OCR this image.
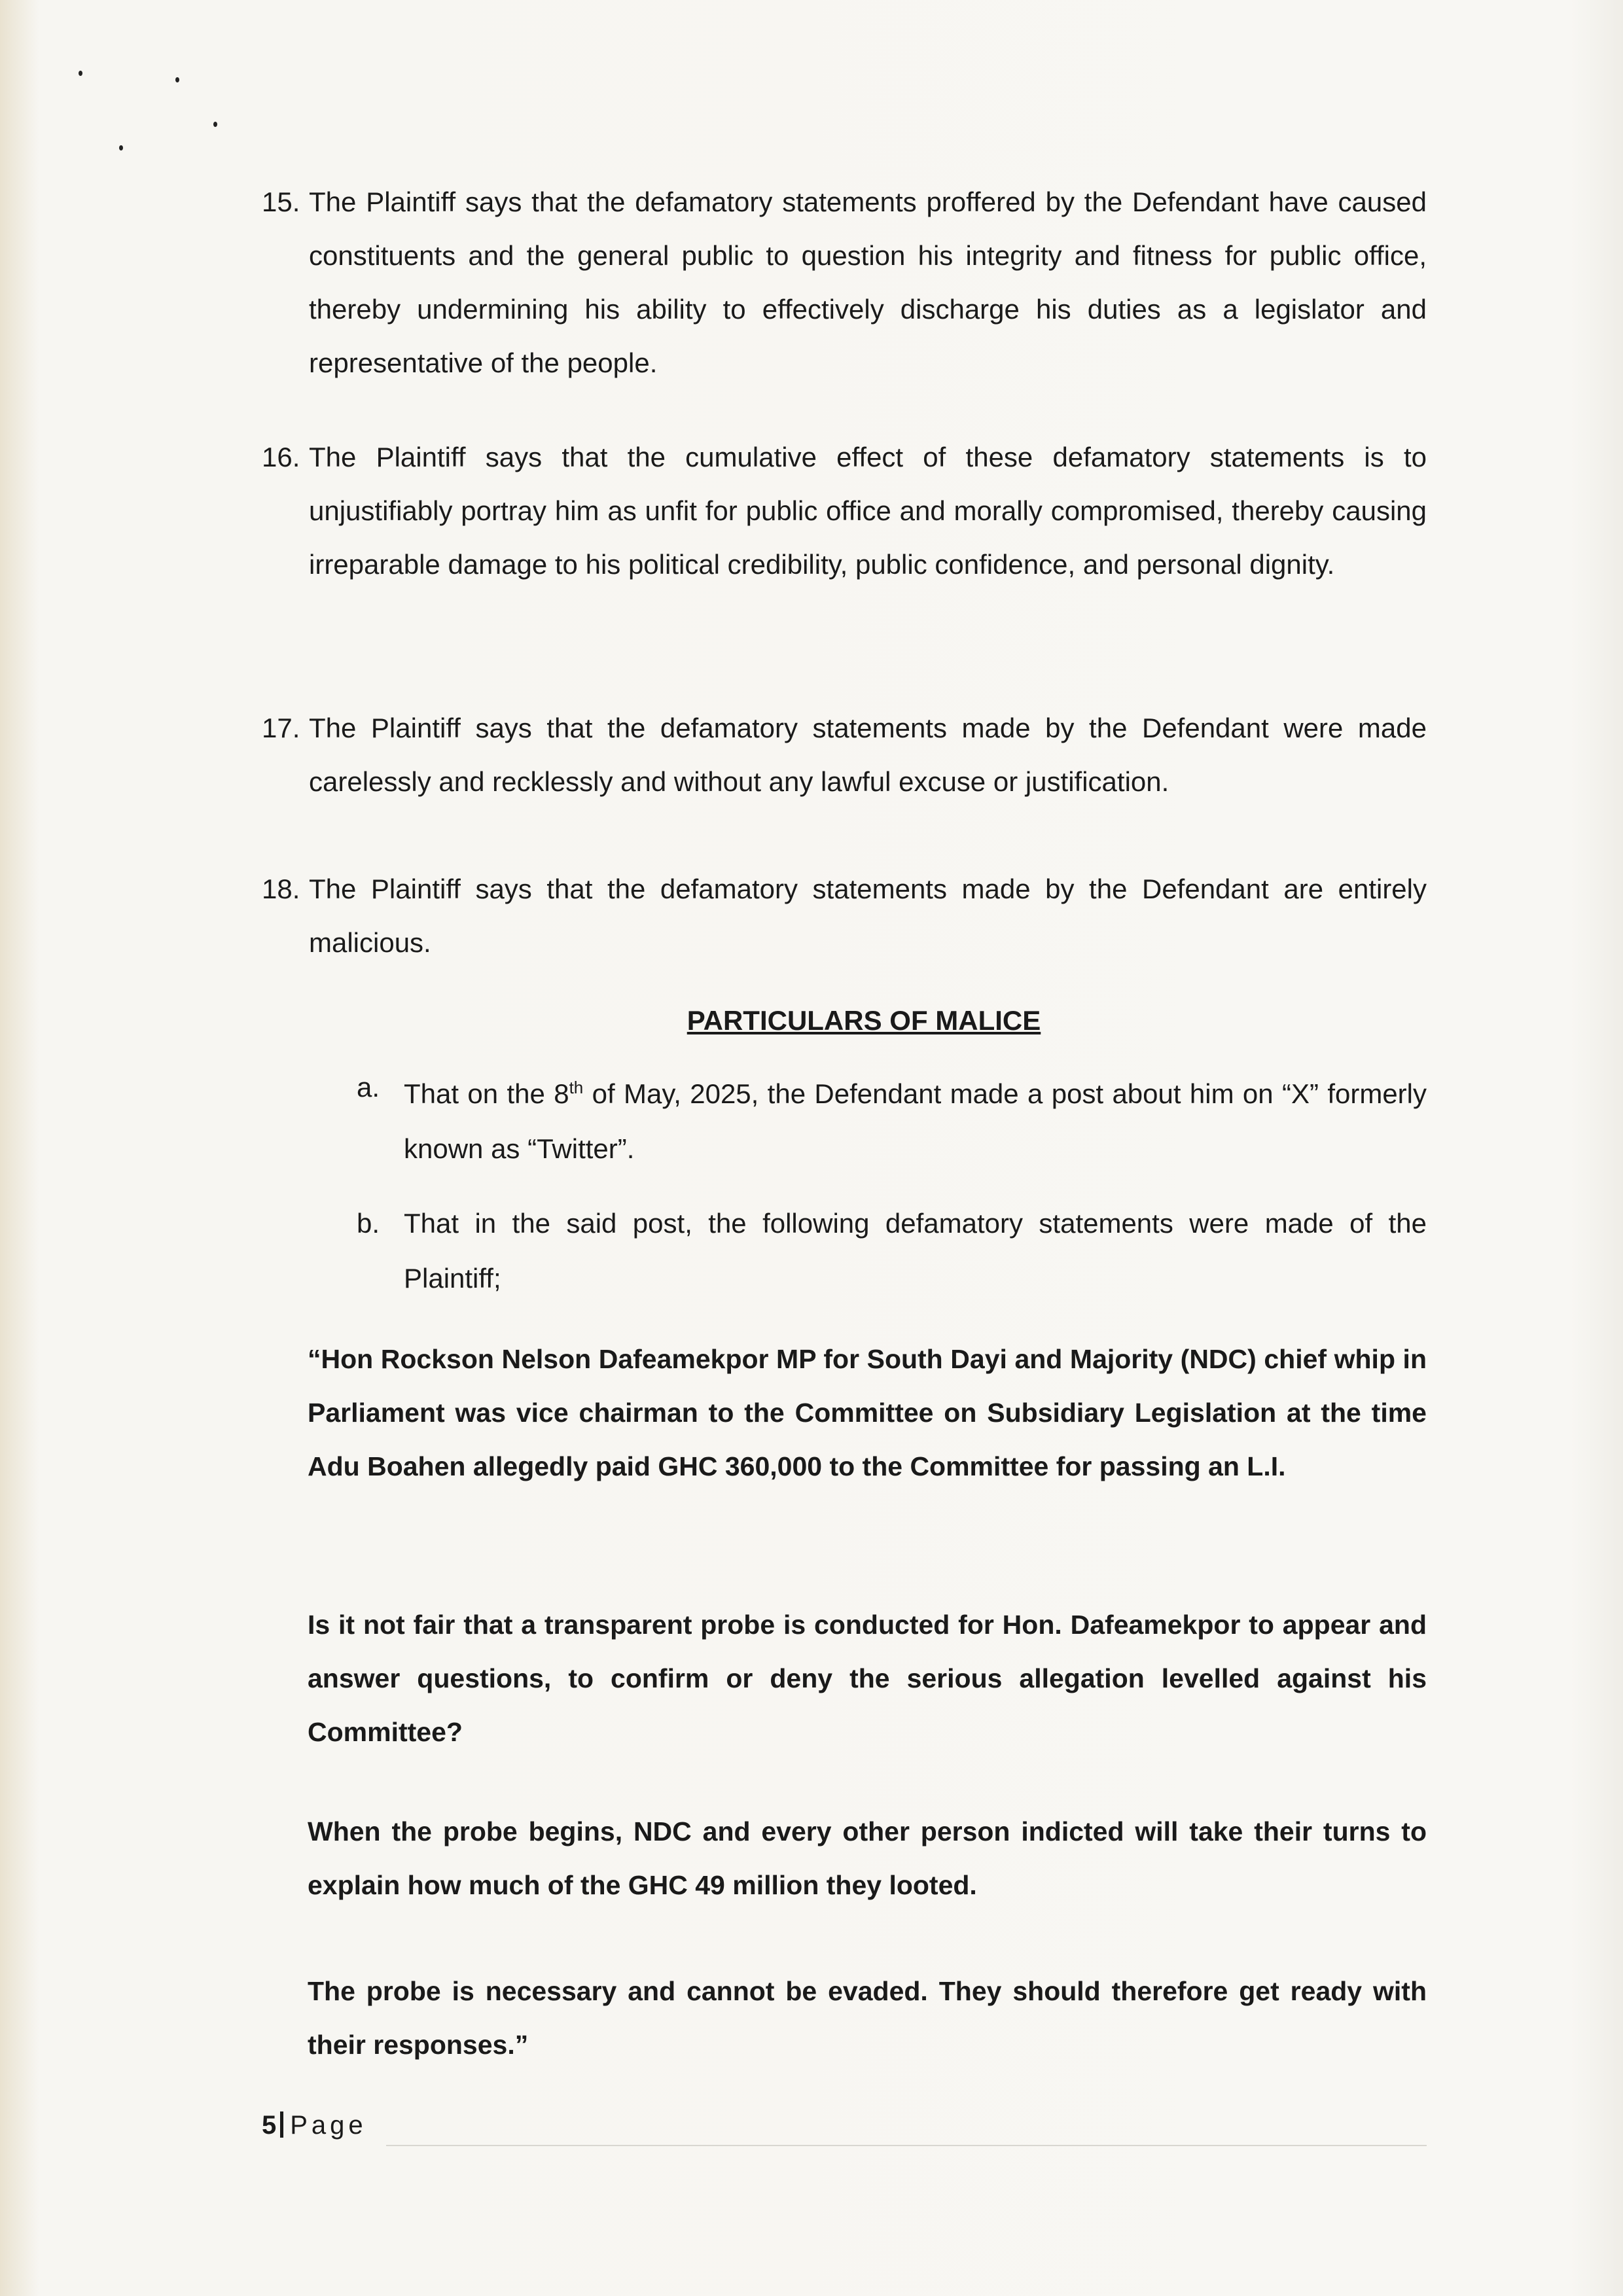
15. The Plaintiff says that the defamatory statements proffered by the Defendant have caused constituents and the general public to question his integrity and fitness for public office, thereby undermining his ability to effectively discharge his duties as a legislator and representative of the people.
16. The Plaintiff says that the cumulative effect of these defamatory statements is to unjustifiably portray him as unfit for public office and morally compromised, thereby causing irreparable damage to his political credibility, public confidence, and personal dignity.
17. The Plaintiff says that the defamatory statements made by the Defendant were made carelessly and recklessly and without any lawful excuse or justification.
18. The Plaintiff says that the defamatory statements made by the Defendant are entirely malicious.
PARTICULARS OF MALICE
a. That on the 8th of May, 2025, the Defendant made a post about him on “X” formerly known as “Twitter”.
b. That in the said post, the following defamatory statements were made of the Plaintiff;
“Hon Rockson Nelson Dafeamekpor MP for South Dayi and Majority (NDC) chief whip in Parliament was vice chairman to the Committee on Subsidiary Legislation at the time Adu Boahen allegedly paid GHC 360,000 to the Committee for passing an L.I.
Is it not fair that a transparent probe is conducted for Hon. Dafeamekpor to appear and answer questions, to confirm or deny the serious allegation levelled against his Committee?
When the probe begins, NDC and every other person indicted will take their turns to explain how much of the GHC 49 million they looted.
The probe is necessary and cannot be evaded. They should therefore get ready with their responses.”
5 Page
